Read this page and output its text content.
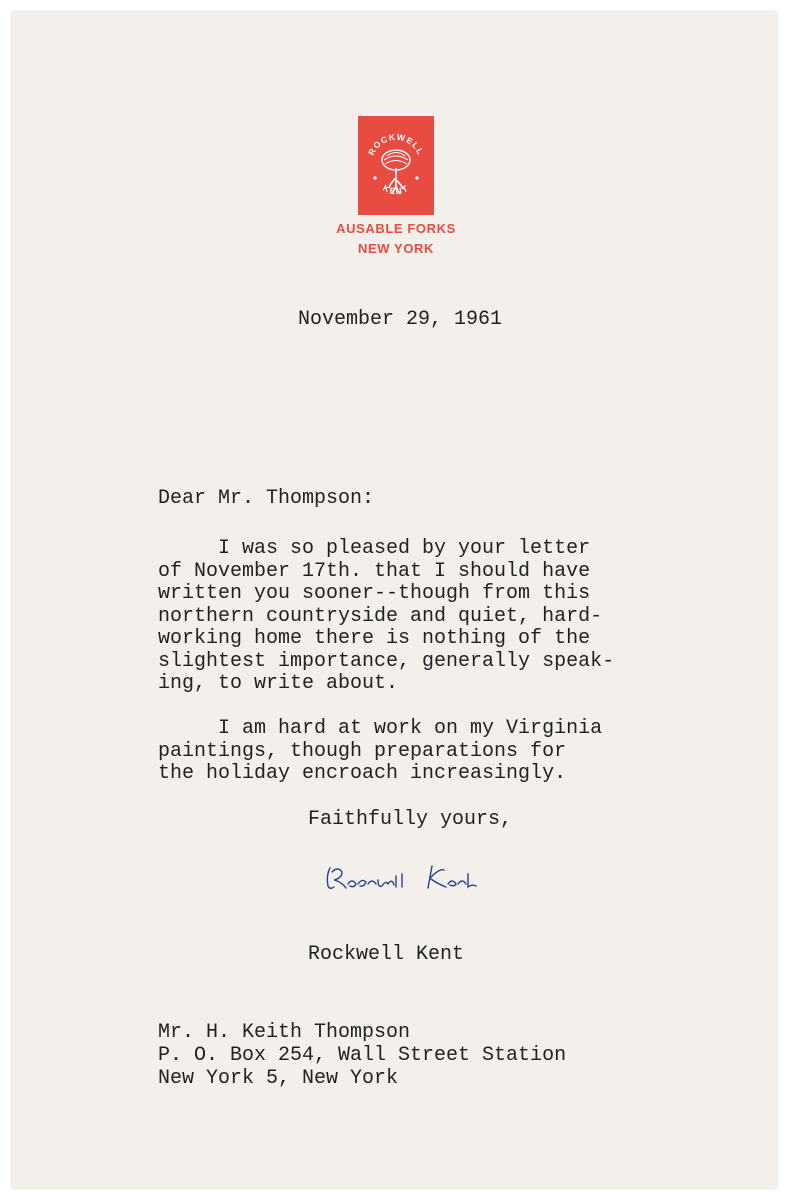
ROCKWELL
KENT
AUSABLE FORKS
NEW YORK

November 29, 1961

Dear Mr. Thompson:

I was so pleased by your letter
of November 17th. that I should have
written you sooner--though from this
northern countryside and quiet, hard-
working home there is nothing of the
slightest importance, generally speak-
ing, to write about.

I am hard at work on my Virginia
paintings, though preparations for
the holiday encroach increasingly.

Faithfully yours,

Rockwell Kent

Mr. H. Keith Thompson
P. O. Box 254, Wall Street Station
New York 5, New York
